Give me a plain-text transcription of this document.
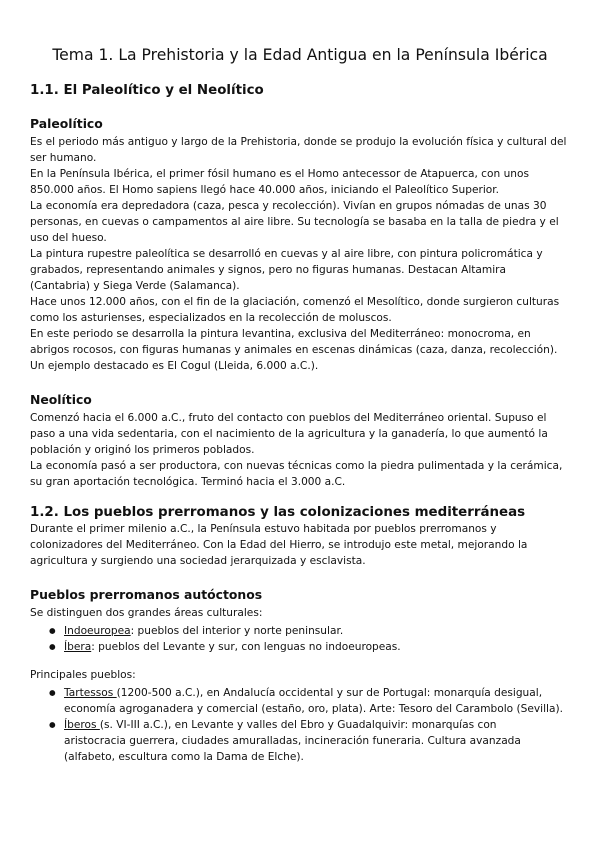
Tema 1. La Prehistoria y la Edad Antigua en la Península Ibérica
1.1. El Paleolítico y el Neolítico
Paleolítico

Es el periodo más antiguo y largo de la Prehistoria, donde se produjo la evolución física y cultural del

ser humano.

En la Península Ibérica, el primer fósil humano es el Homo antecessor de Atapuerca, con unos

850.000 años. El Homo sapiens llegó hace 40.000 años, iniciando el Paleolítico Superior.

La economía era depredadora (caza, pesca y recolección). Vivían en grupos nómadas de unas 30

personas, en cuevas o campamentos al aire libre. Su tecnología se basaba en la talla de piedra y el

uso del hueso.

La pintura rupestre paleolítica se desarrolló en cuevas y al aire libre, con pintura policromática y

grabados, representando animales y signos, pero no figuras humanas. Destacan Altamira

(Cantabria) y Siega Verde (Salamanca).

Hace unos 12.000 años, con el fin de la glaciación, comenzó el Mesolítico, donde surgieron culturas

como los asturienses, especializados en la recolección de moluscos.

En este periodo se desarrolla la pintura levantina, exclusiva del Mediterráneo: monocroma, en

abrigos rocosos, con figuras humanas y animales en escenas dinámicas (caza, danza, recolección).

Un ejemplo destacado es El Cogul (Lleida, 6.000 a.C.).

Neolítico

Comenzó hacia el 6.000 a.C., fruto del contacto con pueblos del Mediterráneo oriental. Supuso el

paso a una vida sedentaria, con el nacimiento de la agricultura y la ganadería, lo que aumentó la

población y originó los primeros poblados.

La economía pasó a ser productora, con nuevas técnicas como la piedra pulimentada y la cerámica,

su gran aportación tecnológica. Terminó hacia el 3.000 a.C.

1.2. Los pueblos prerromanos y las colonizaciones mediterráneas

Durante el primer milenio a.C., la Península estuvo habitada por pueblos prerromanos y

colonizadores del Mediterráneo. Con la Edad del Hierro, se introdujo este metal, mejorando la

agricultura y surgiendo una sociedad jerarquizada y esclavista.

Pueblos prerromanos autóctonos

Se distinguen dos grandes áreas culturales:

● Indoeuropea: pueblos del interior y norte peninsular.
● Íbera: pueblos del Levante y sur, con lenguas no indoeuropeas.

Principales pueblos:

● Tartessos (1200-500 a.C.), en Andalucía occidental y sur de Portugal: monarquía desigual,
economía agroganadera y comercial (estaño, oro, plata). Arte: Tesoro del Carambolo (Sevilla).
● Íberos (s. VI-III a.C.), en Levante y valles del Ebro y Guadalquivir: monarquías con
aristocracia guerrera, ciudades amuralladas, incineración funeraria. Cultura avanzada
(alfabeto, escultura como la Dama de Elche).
